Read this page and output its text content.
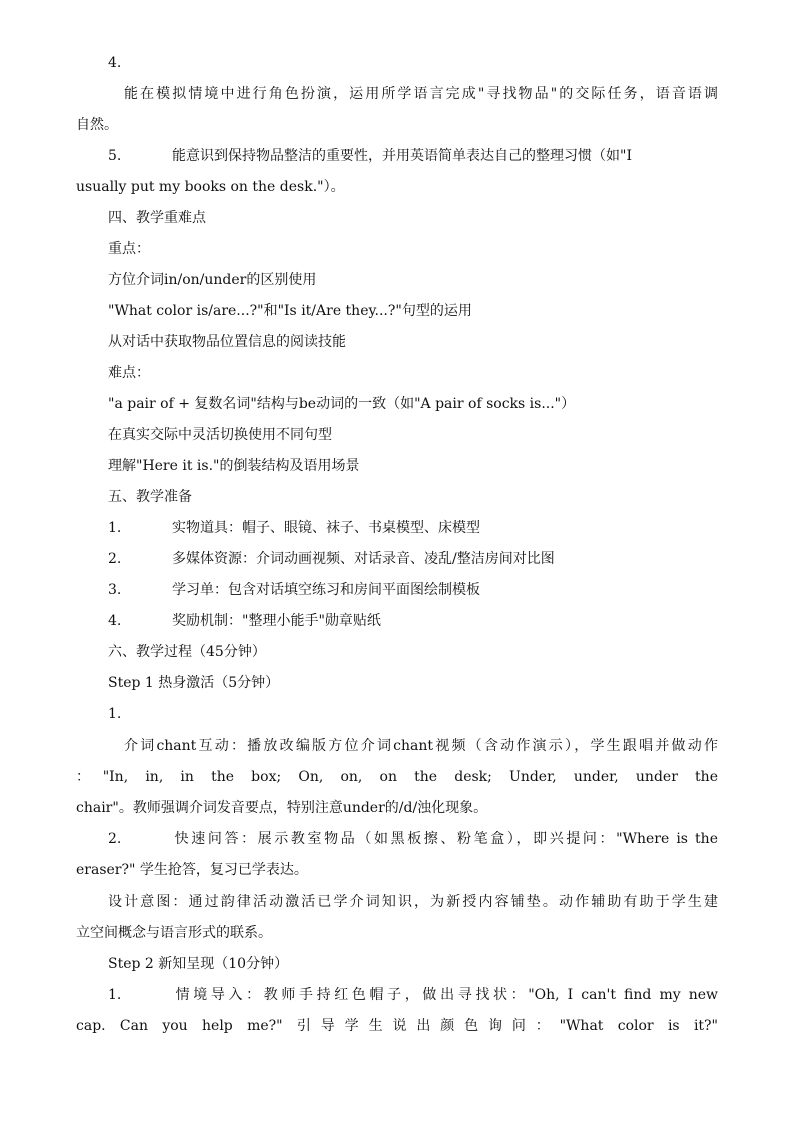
4.
能在模拟情境中进行角色扮演，运用所学语言完成"寻找物品"的交际任务，语音语调
自然。
5.	能意识到保持物品整洁的重要性，并用英语简单表达自己的整理习惯（如"I
usually put my books on the desk."）。
四、教学重难点
重点：
方位介词in/on/under的区别使用
"What color is/are...?"和"Is it/Are they...?"句型的运用
从对话中获取物品位置信息的阅读技能
难点：
"a pair of + 复数名词"结构与be动词的一致（如"A pair of socks is..."）
在真实交际中灵活切换使用不同句型
理解"Here it is."的倒装结构及语用场景
五、教学准备
1.	实物道具：帽子、眼镜、袜子、书桌模型、床模型
2.	多媒体资源：介词动画视频、对话录音、凌乱/整洁房间对比图
3.	学习单：包含对话填空练习和房间平面图绘制模板
4.	奖励机制："整理小能手"勋章贴纸
六、教学过程（45分钟）
Step 1 热身激活（5分钟）
1.
介词chant互动：播放改编版方位介词chant视频（含动作演示），学生跟唱并做动作
："In, in, in the box; On, on, on the desk; Under, under, under the
chair"。教师强调介词发音要点，特别注意under的/d/浊化现象。
2.	快速问答：展示教室物品（如黑板擦、粉笔盒），即兴提问："Where is the
eraser?" 学生抢答，复习已学表达。
设计意图：通过韵律活动激活已学介词知识，为新授内容铺垫。动作辅助有助于学生建
立空间概念与语言形式的联系。
Step 2 新知呈现（10分钟）
1.	情境导入：教师手持红色帽子，做出寻找状："Oh, I can't find my new
cap. Can you help me?" 引导学生说出颜色询问："What color is it?"
